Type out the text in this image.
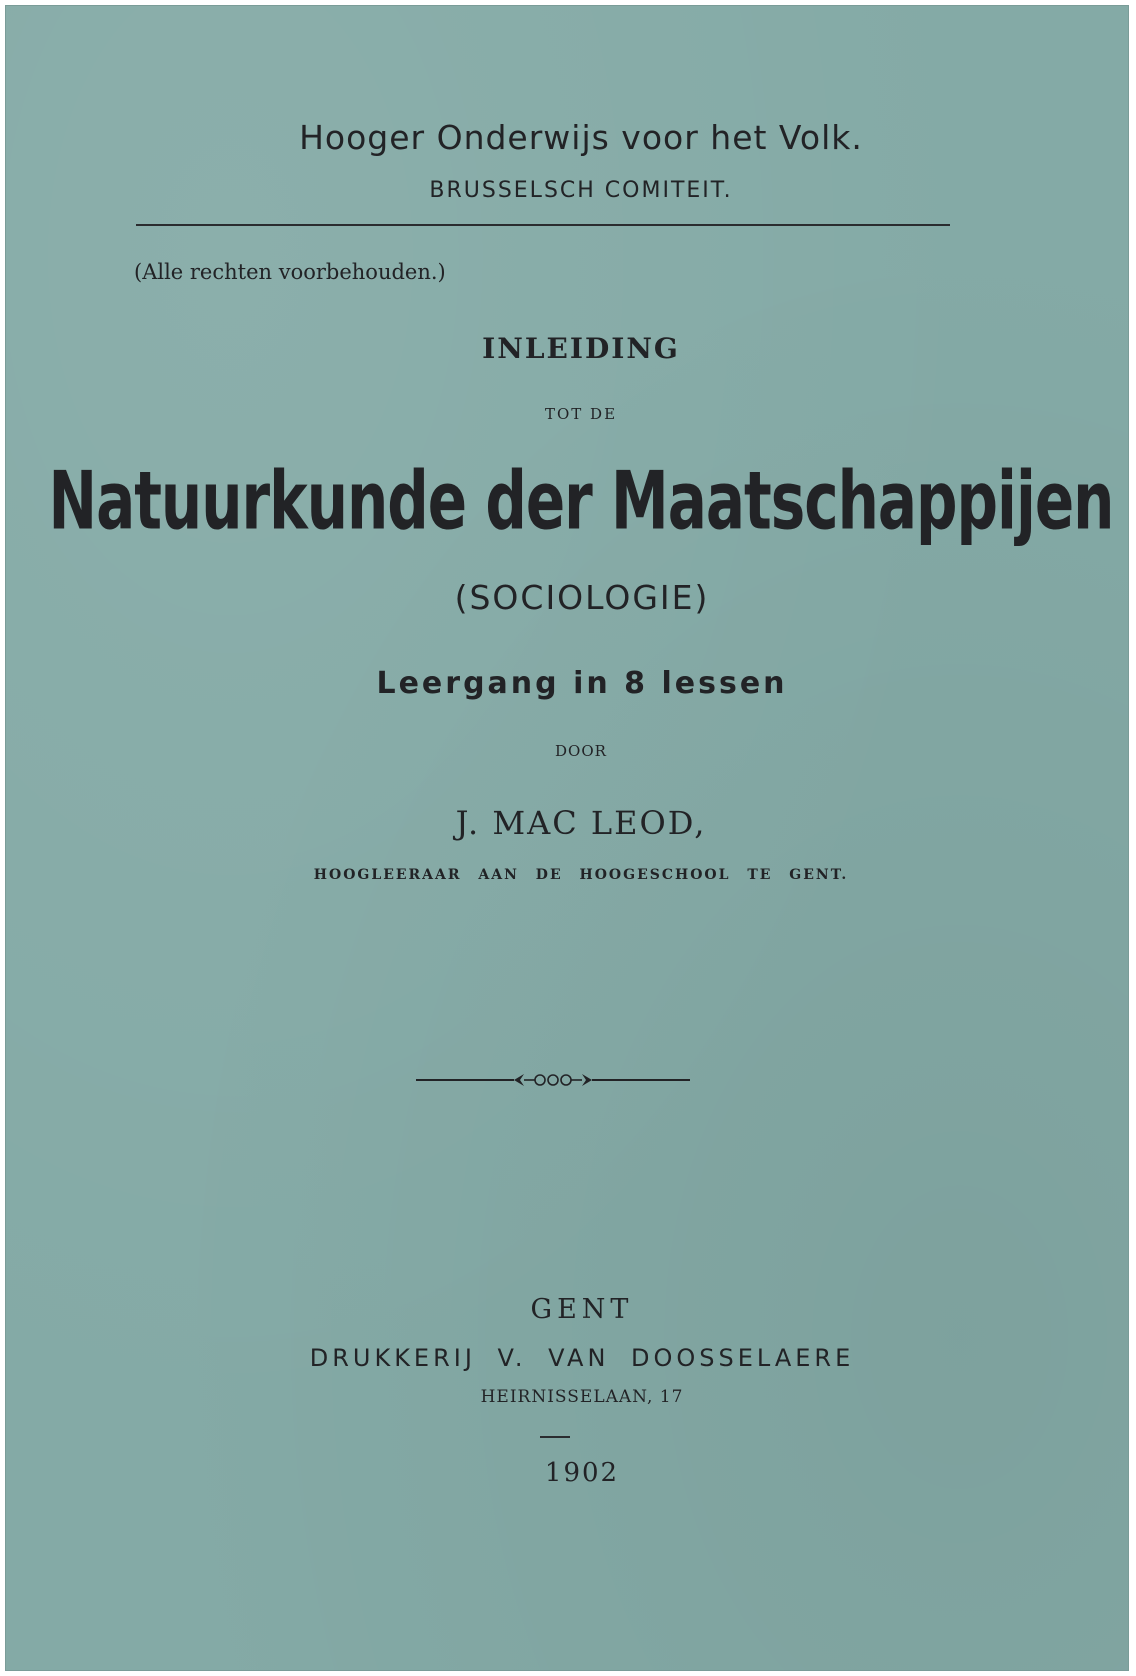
Hooger Onderwijs voor het Volk.
BRUSSELSCH COMITEIT.
(Alle rechten voorbehouden.)
INLEIDING
TOT DE
Natuurkunde der Maatschappijen
(SOCIOLOGIE)
Leergang in 8 lessen
DOOR
J. MAC LEOD,
HOOGLEERAAR AAN DE HOOGESCHOOL TE GENT.
GENT
DRUKKERIJ V. VAN DOOSSELAERE
HEIRNISSELAAN, 17
1902
